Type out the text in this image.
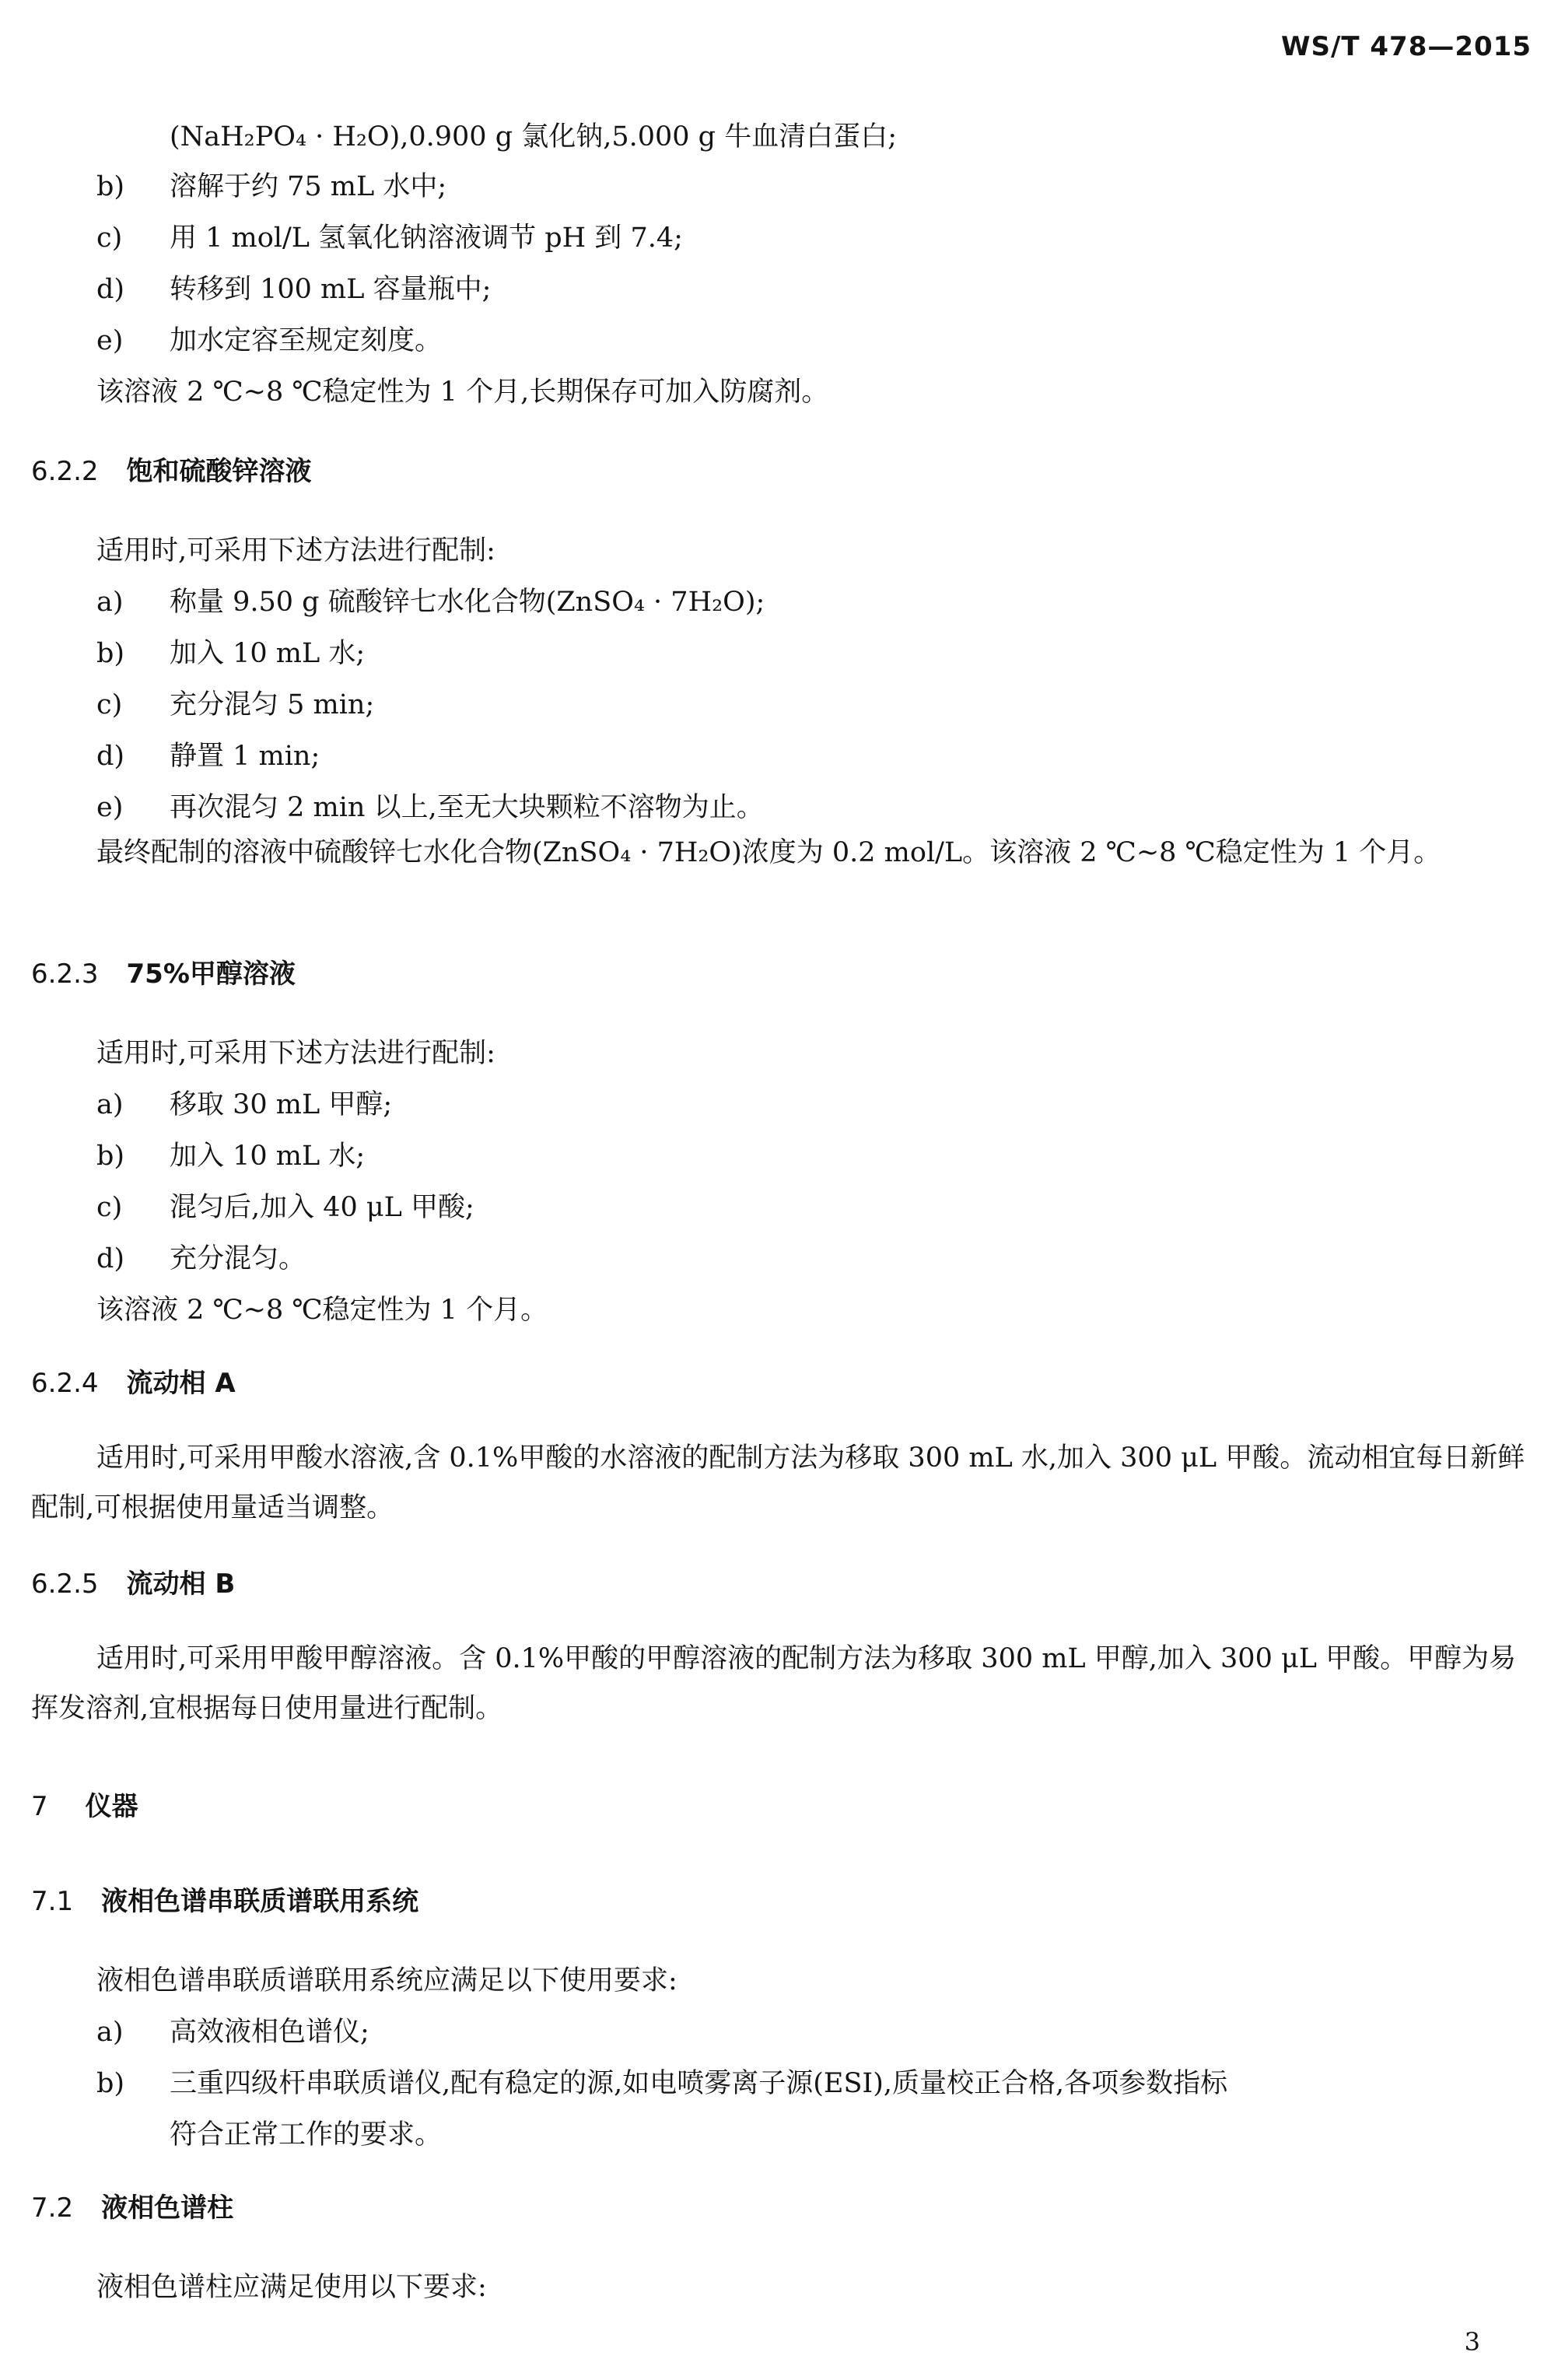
WS/T 478—2015
(NaH₂PO₄ · H₂O),0.900 g 氯化钠,5.000 g 牛血清白蛋白;
b) 溶解于约 75 mL 水中;
c) 用 1 mol/L 氢氧化钠溶液调节 pH 到 7.4;
d) 转移到 100 mL 容量瓶中;
e) 加水定容至规定刻度。
该溶液 2 ℃~8 ℃稳定性为 1 个月,长期保存可加入防腐剂。
6.2.2 饱和硫酸锌溶液
适用时,可采用下述方法进行配制:
a) 称量 9.50 g 硫酸锌七水化合物(ZnSO₄ · 7H₂O);
b) 加入 10 mL 水;
c) 充分混匀 5 min;
d) 静置 1 min;
e) 再次混匀 2 min 以上,至无大块颗粒不溶物为止。
最终配制的溶液中硫酸锌七水化合物(ZnSO₄ · 7H₂O)浓度为 0.2 mol/L。该溶液 2 ℃~8 ℃稳定性为 1 个月。
6.2.3 75%甲醇溶液
适用时,可采用下述方法进行配制:
a) 移取 30 mL 甲醇;
b) 加入 10 mL 水;
c) 混匀后,加入 40 μL 甲酸;
d) 充分混匀。
该溶液 2 ℃~8 ℃稳定性为 1 个月。
6.2.4 流动相 A
适用时,可采用甲酸水溶液,含 0.1%甲酸的水溶液的配制方法为移取 300 mL 水,加入 300 μL 甲酸。流动相宜每日新鲜配制,可根据使用量适当调整。
6.2.5 流动相 B
适用时,可采用甲酸甲醇溶液。含 0.1%甲酸的甲醇溶液的配制方法为移取 300 mL 甲醇,加入 300 μL 甲酸。甲醇为易挥发溶剂,宜根据每日使用量进行配制。
7 仪器
7.1 液相色谱串联质谱联用系统
液相色谱串联质谱联用系统应满足以下使用要求:
a) 高效液相色谱仪;
b) 三重四级杆串联质谱仪,配有稳定的源,如电喷雾离子源(ESI),质量校正合格,各项参数指标
符合正常工作的要求。
7.2 液相色谱柱
液相色谱柱应满足使用以下要求:
3
